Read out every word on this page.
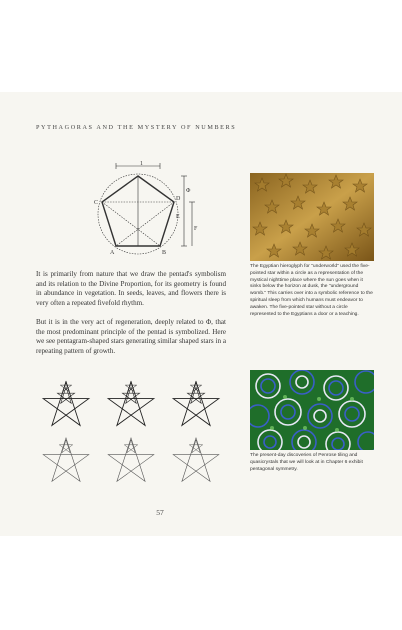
PYTHAGORAS AND THE MYSTERY OF NUMBERS
1
Φ
C
D
E
F
A	B

It is primarily from nature that we draw the pentad's symbolism and its relation to the Divine Proportion, for its geometry is found in abundance in vegetation. In seeds, leaves, and flowers there is very often a repeated fivefold rhythm.

But it is in the very act of regeneration, deeply related to Φ, that the most predominant principle of the pentad is symbolized. Here we see pentagram-shaped stars generating similar shaped stars in a repeating pattern of growth.

The Egyptian hieroglyph for "underworld" used the five-pointed star within a circle as a representation of the mystical nighttime place where the sun goes when it sinks below the horizon at dusk, the "underground womb." This carries over into a symbolic reference to the spiritual sleep from which humans must endeavor to awaken. The five-pointed star without a circle represented to the Egyptians a door or a teaching.
The present-day discoveries of Penrose tiling and quasicrystals that we will look at in Chapter 6 exhibit pentagonal symmetry.
57
